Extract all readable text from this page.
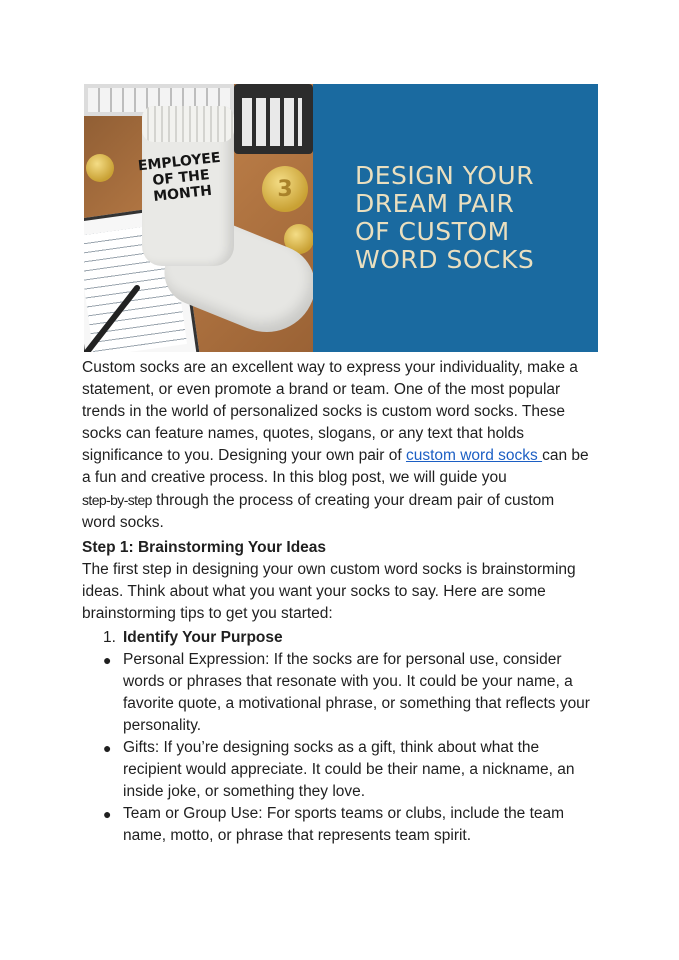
3
EMPLOYEE
OF THE
MONTH
DESIGN YOUR
DREAM PAIR
OF CUSTOM
WORD SOCKS

Custom socks are an excellent way to express your individuality, make a statement, or even promote a brand or team. One of the most popular trends in the world of personalized socks is custom word socks. These socks can feature names, quotes, slogans, or any text that holds significance to you. Designing your own pair of custom word socks can be a fun and creative process. In this blog post, we will guide you
step-by-step through the process of creating your dream pair of custom word socks.

Step 1: Brainstorming Your Ideas

The first step in designing your own custom word socks is brainstorming ideas. Think about what you want your socks to say. Here are some brainstorming tips to get you started:

1. Identify Your Purpose
● Personal Expression: If the socks are for personal use, consider words or phrases that resonate with you. It could be your name, a favorite quote, a motivational phrase, or something that reflects your personality.
● Gifts: If you’re designing socks as a gift, think about what the recipient would appreciate. It could be their name, a nickname, an inside joke, or something they love.
● Team or Group Use: For sports teams or clubs, include the team name, motto, or phrase that represents team spirit.
